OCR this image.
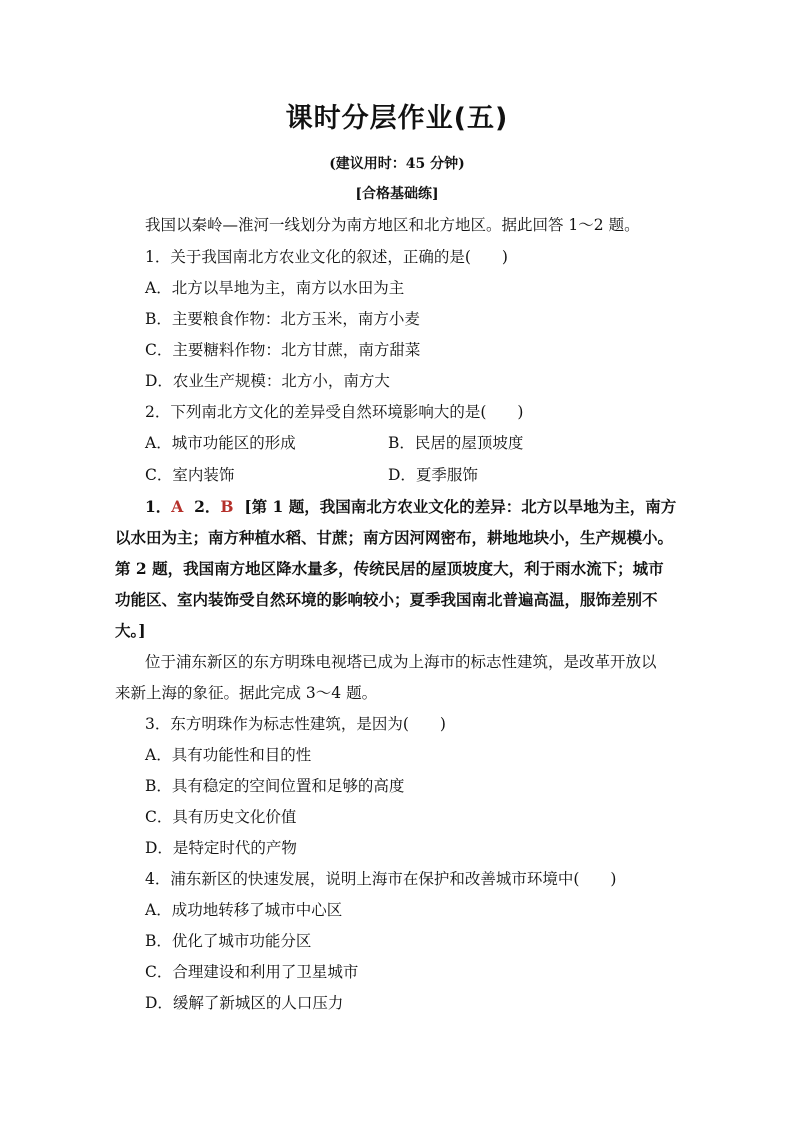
课时分层作业(五)
(建议用时：45 分钟)
[合格基础练]
我国以秦岭—淮河一线划分为南方地区和北方地区。据此回答 1～2 题。
1．关于我国南北方农业文化的叙述，正确的是(　　)
A．北方以旱地为主，南方以水田为主
B．主要粮食作物：北方玉米，南方小麦
C．主要糖料作物：北方甘蔗，南方甜菜
D．农业生产规模：北方小，南方大
2．下列南北方文化的差异受自然环境影响大的是(　　)
A．城市功能区的形成	B．民居的屋顶坡度
C．室内装饰	D．夏季服饰
1．A 2．B [第 1 题，我国南北方农业文化的差异：北方以旱地为主，南方
以水田为主；南方种植水稻、甘蔗；南方因河网密布，耕地地块小，生产规模小。
第 2 题，我国南方地区降水量多，传统民居的屋顶坡度大，利于雨水流下；城市
功能区、室内装饰受自然环境的影响较小；夏季我国南北普遍高温，服饰差别不
大。]
位于浦东新区的东方明珠电视塔已成为上海市的标志性建筑，是改革开放以
来新上海的象征。据此完成 3～4 题。
3．东方明珠作为标志性建筑，是因为(　　)
A．具有功能性和目的性
B．具有稳定的空间位置和足够的高度
C．具有历史文化价值
D．是特定时代的产物
4．浦东新区的快速发展，说明上海市在保护和改善城市环境中(　　)
A．成功地转移了城市中心区
B．优化了城市功能分区
C．合理建设和利用了卫星城市
D．缓解了新城区的人口压力
